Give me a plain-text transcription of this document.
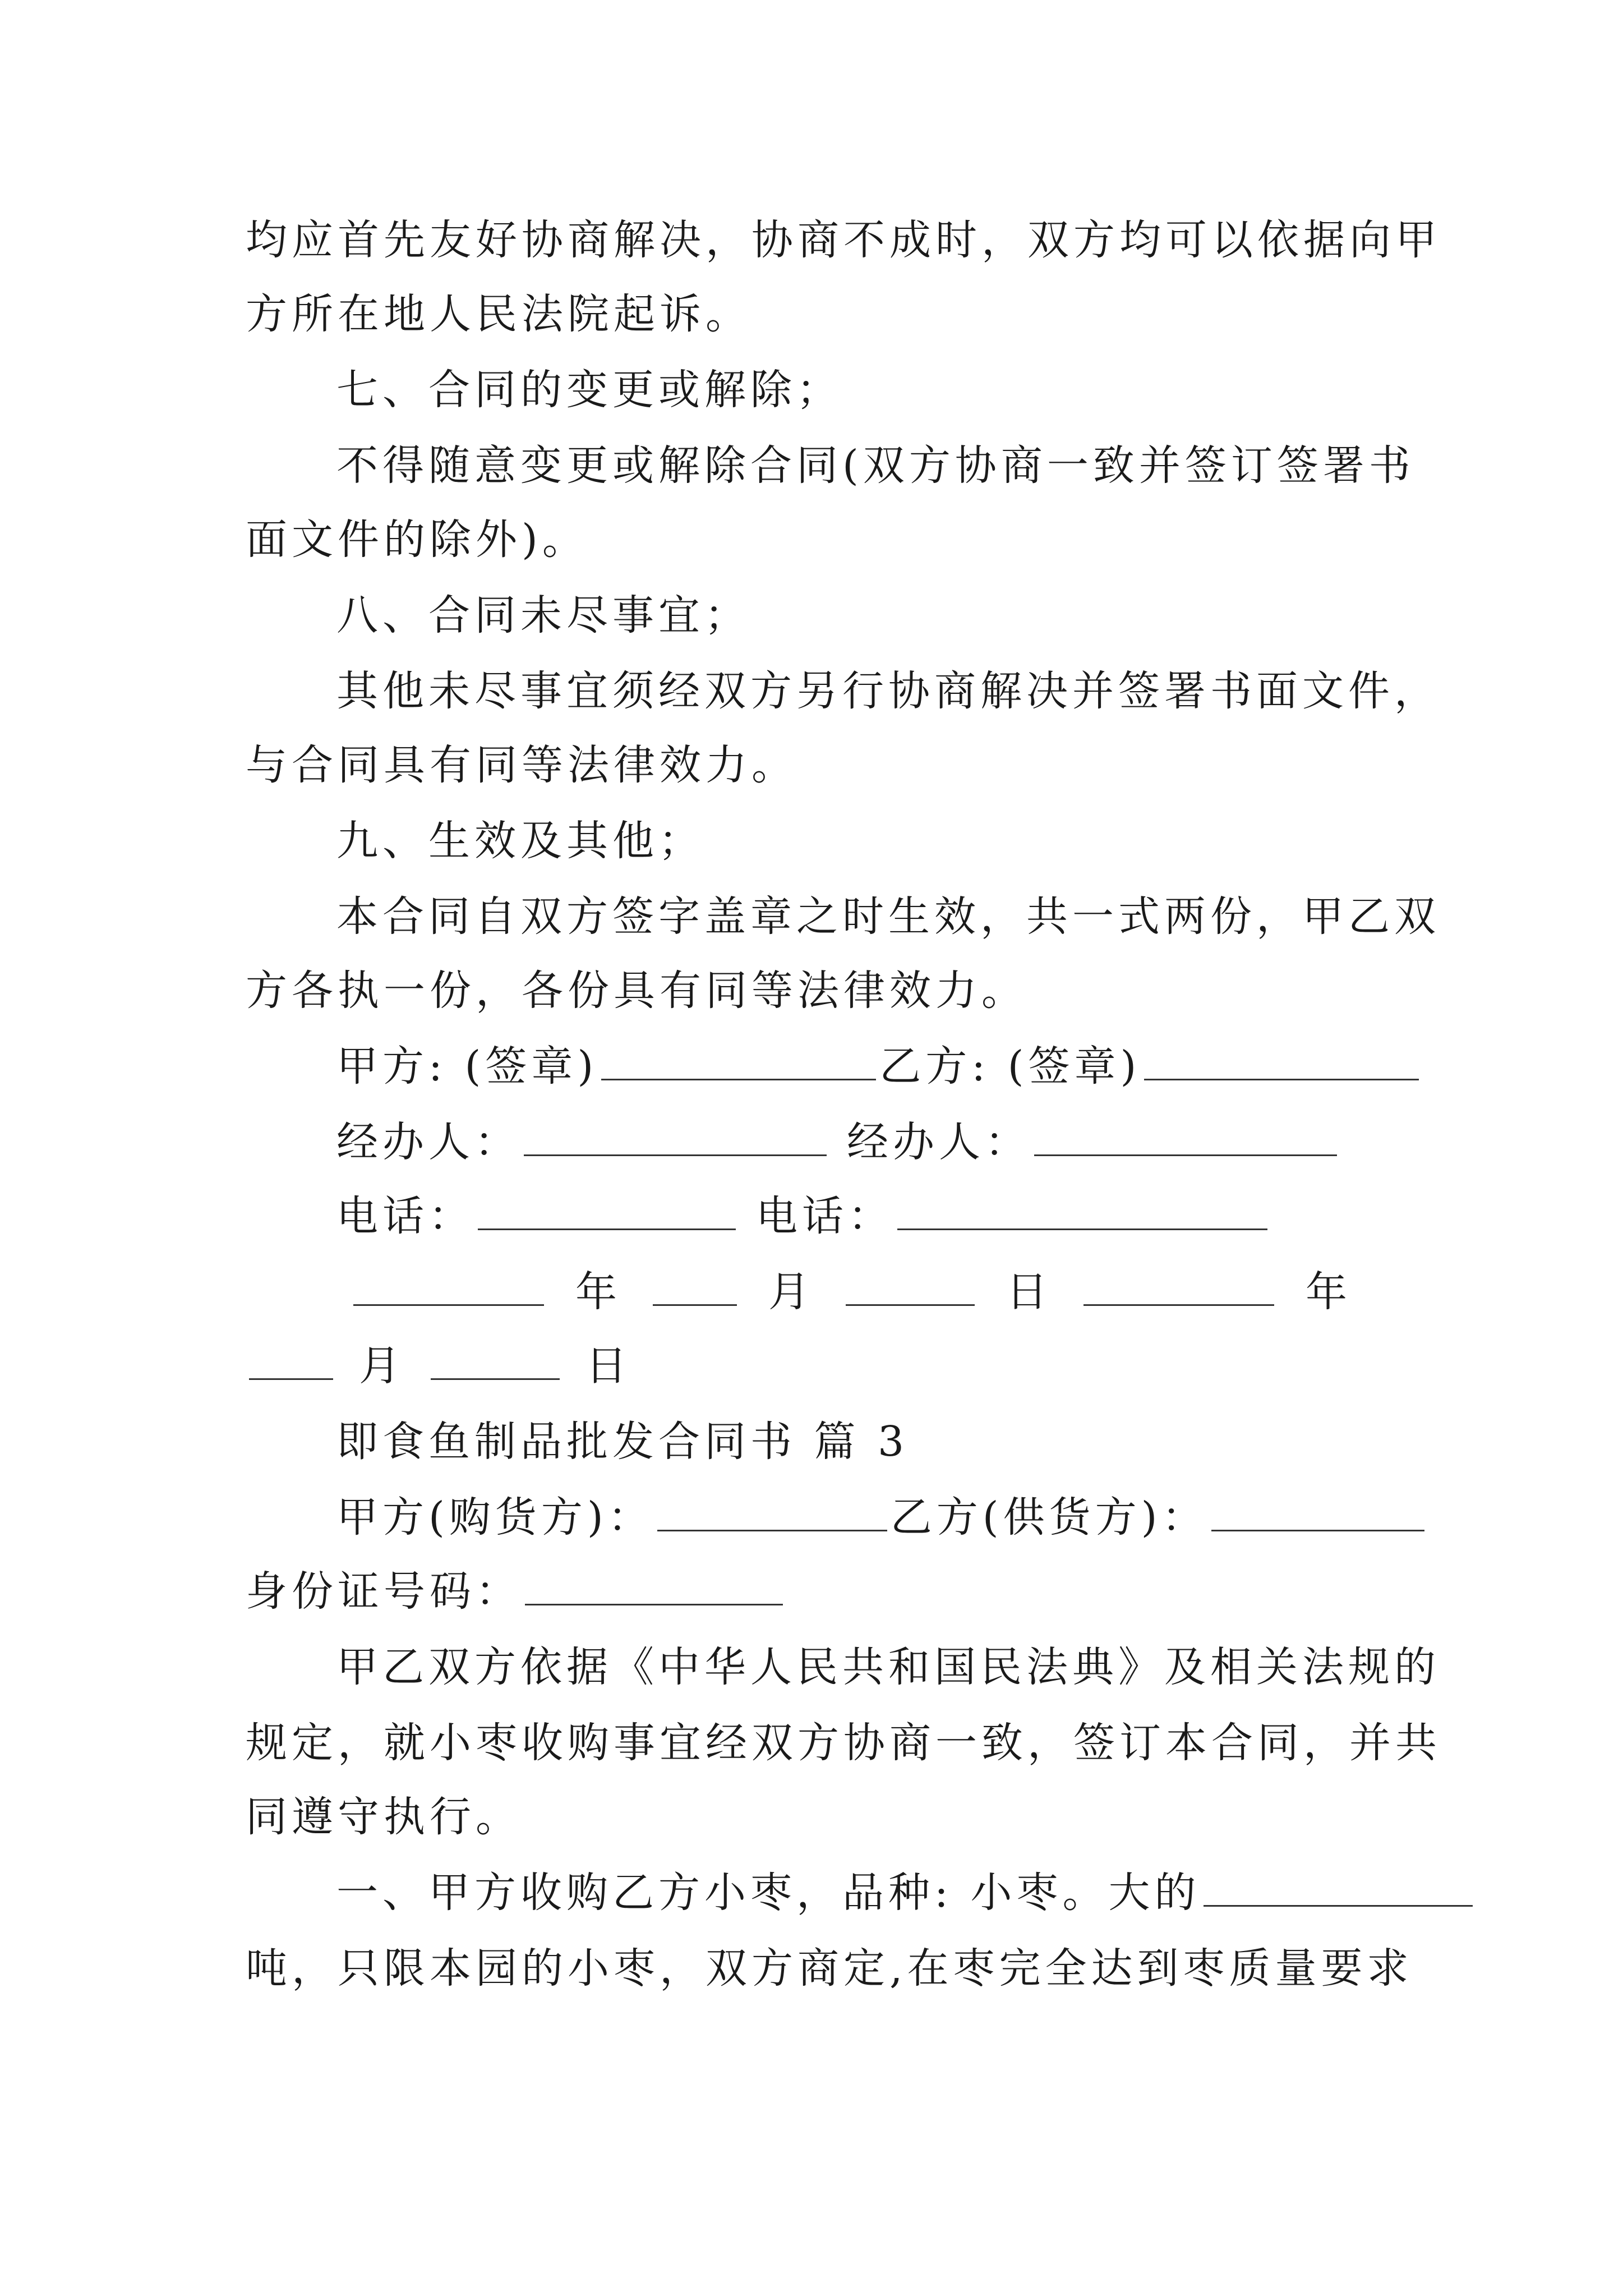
均应首先友好协商解决，协商不成时，双方均可以依据向甲
方所在地人民法院起诉。
七、合同的变更或解除；
不得随意变更或解除合同(双方协商一致并签订签署书
面文件的除外)。
八、合同未尽事宜；
其他未尽事宜须经双方另行协商解决并签署书面文件，
与合同具有同等法律效力。
九、生效及其他；
本合同自双方签字盖章之时生效，共一式两份，甲乙双
方各执一份，各份具有同等法律效力。
甲方: (签章)	乙方: (签章)
经办人：	经办人：
电话：	电话：
年	月	日	年
月	日
即食鱼制品批发合同书 篇 3
甲方(购货方)：	乙方(供货方)：
身份证号码：
甲乙双方依据《中华人民共和国民法典》及相关法规的
规定，就小枣收购事宜经双方协商一致，签订本合同，并共
同遵守执行。
一、甲方收购乙方小枣，品种: 小枣。大的
吨，只限本园的小枣，双方商定,在枣完全达到枣质量要求
